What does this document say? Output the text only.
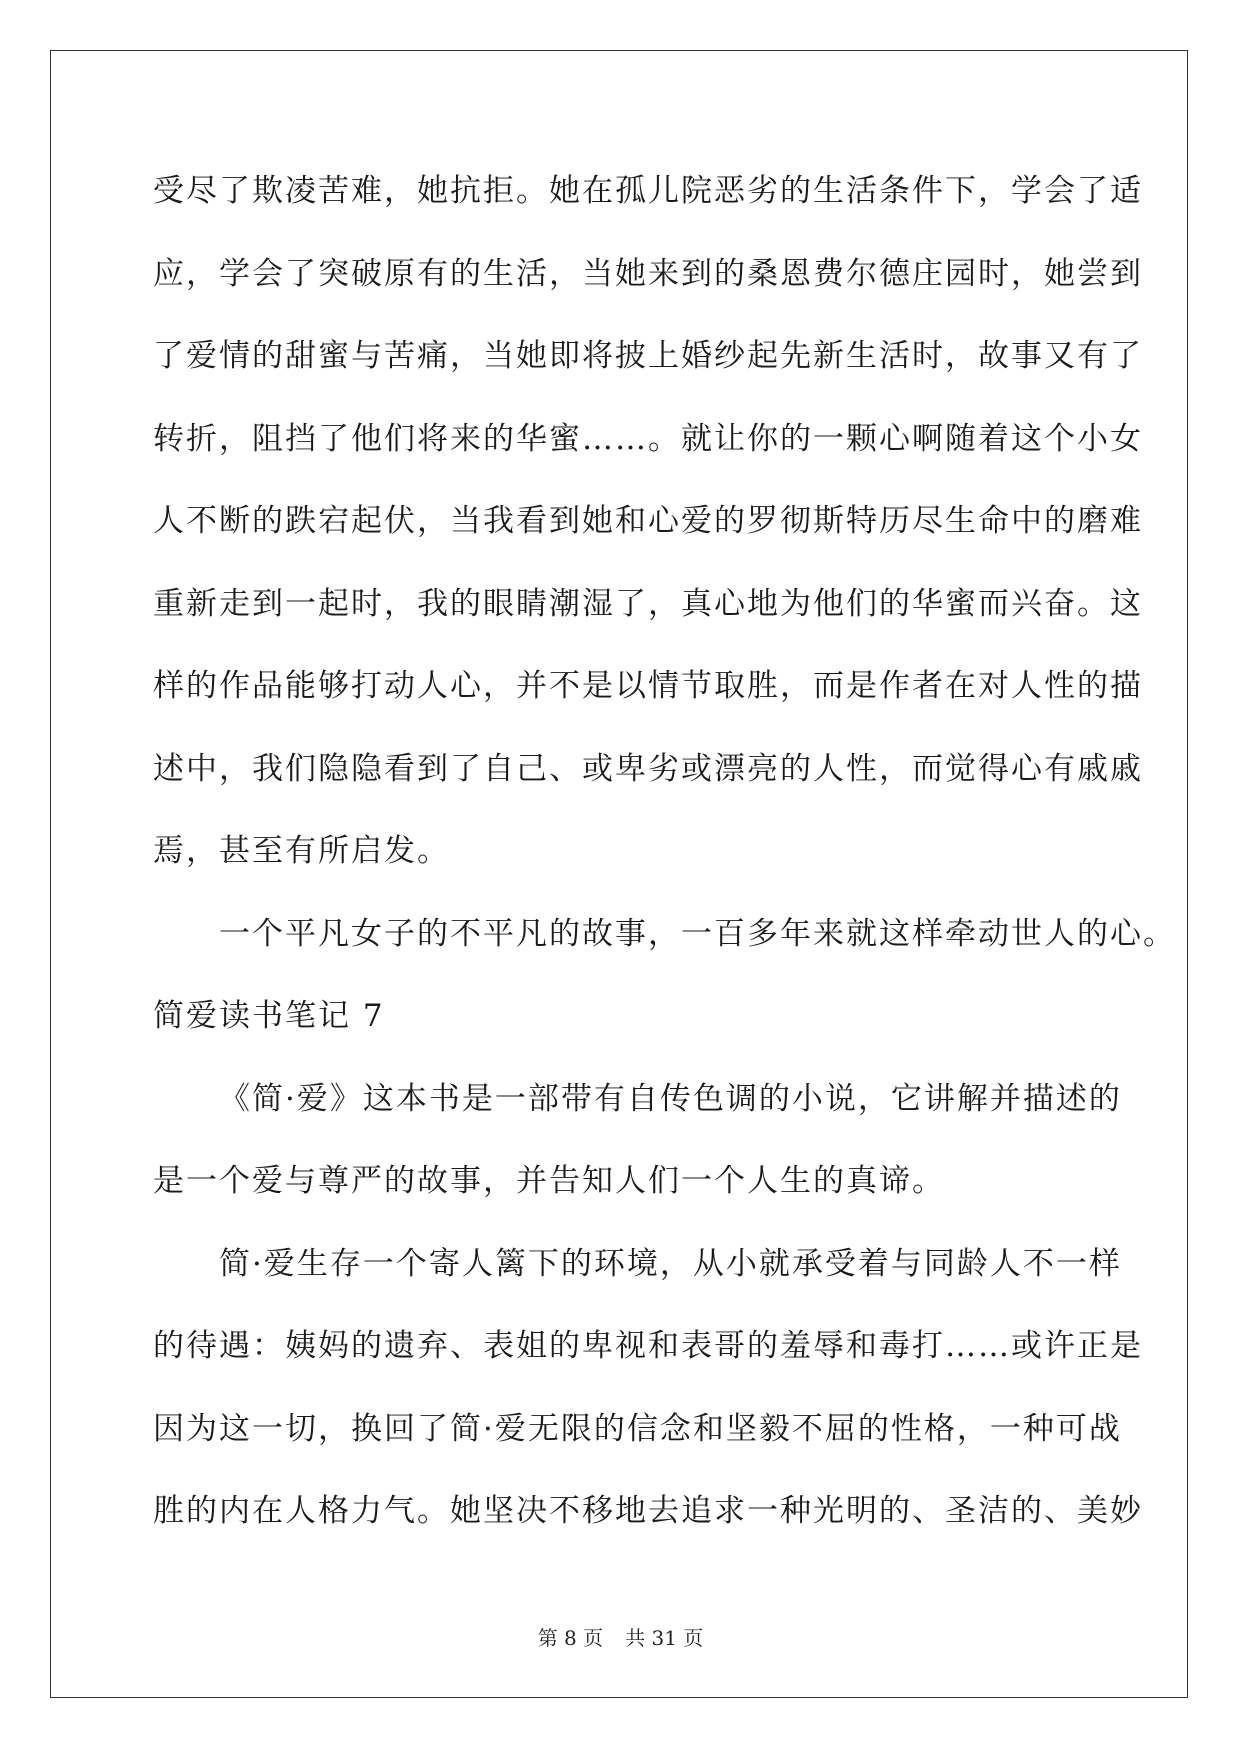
受尽了欺凌苦难，她抗拒。她在孤儿院恶劣的生活条件下，学会了适
应，学会了突破原有的生活，当她来到的桑恩费尔德庄园时，她尝到
了爱情的甜蜜与苦痛，当她即将披上婚纱起先新生活时，故事又有了
转折，阻挡了他们将来的华蜜……。就让你的一颗心啊随着这个小女
人不断的跌宕起伏，当我看到她和心爱的罗彻斯特历尽生命中的磨难
重新走到一起时，我的眼睛潮湿了，真心地为他们的华蜜而兴奋。这
样的作品能够打动人心，并不是以情节取胜，而是作者在对人性的描
述中，我们隐隐看到了自己、或卑劣或漂亮的人性，而觉得心有戚戚
焉，甚至有所启发。
一个平凡女子的不平凡的故事，一百多年来就这样牵动世人的心。
简爱读书笔记 7
《简·爱》这本书是一部带有自传色调的小说，它讲解并描述的
是一个爱与尊严的故事，并告知人们一个人生的真谛。
简·爱生存一个寄人篱下的环境，从小就承受着与同龄人不一样
的待遇：姨妈的遗弃、表姐的卑视和表哥的羞辱和毒打……或许正是
因为这一切，换回了简·爱无限的信念和坚毅不屈的性格，一种可战
胜的内在人格力气。她坚决不移地去追求一种光明的、圣洁的、美妙
第 8 页 共 31 页
